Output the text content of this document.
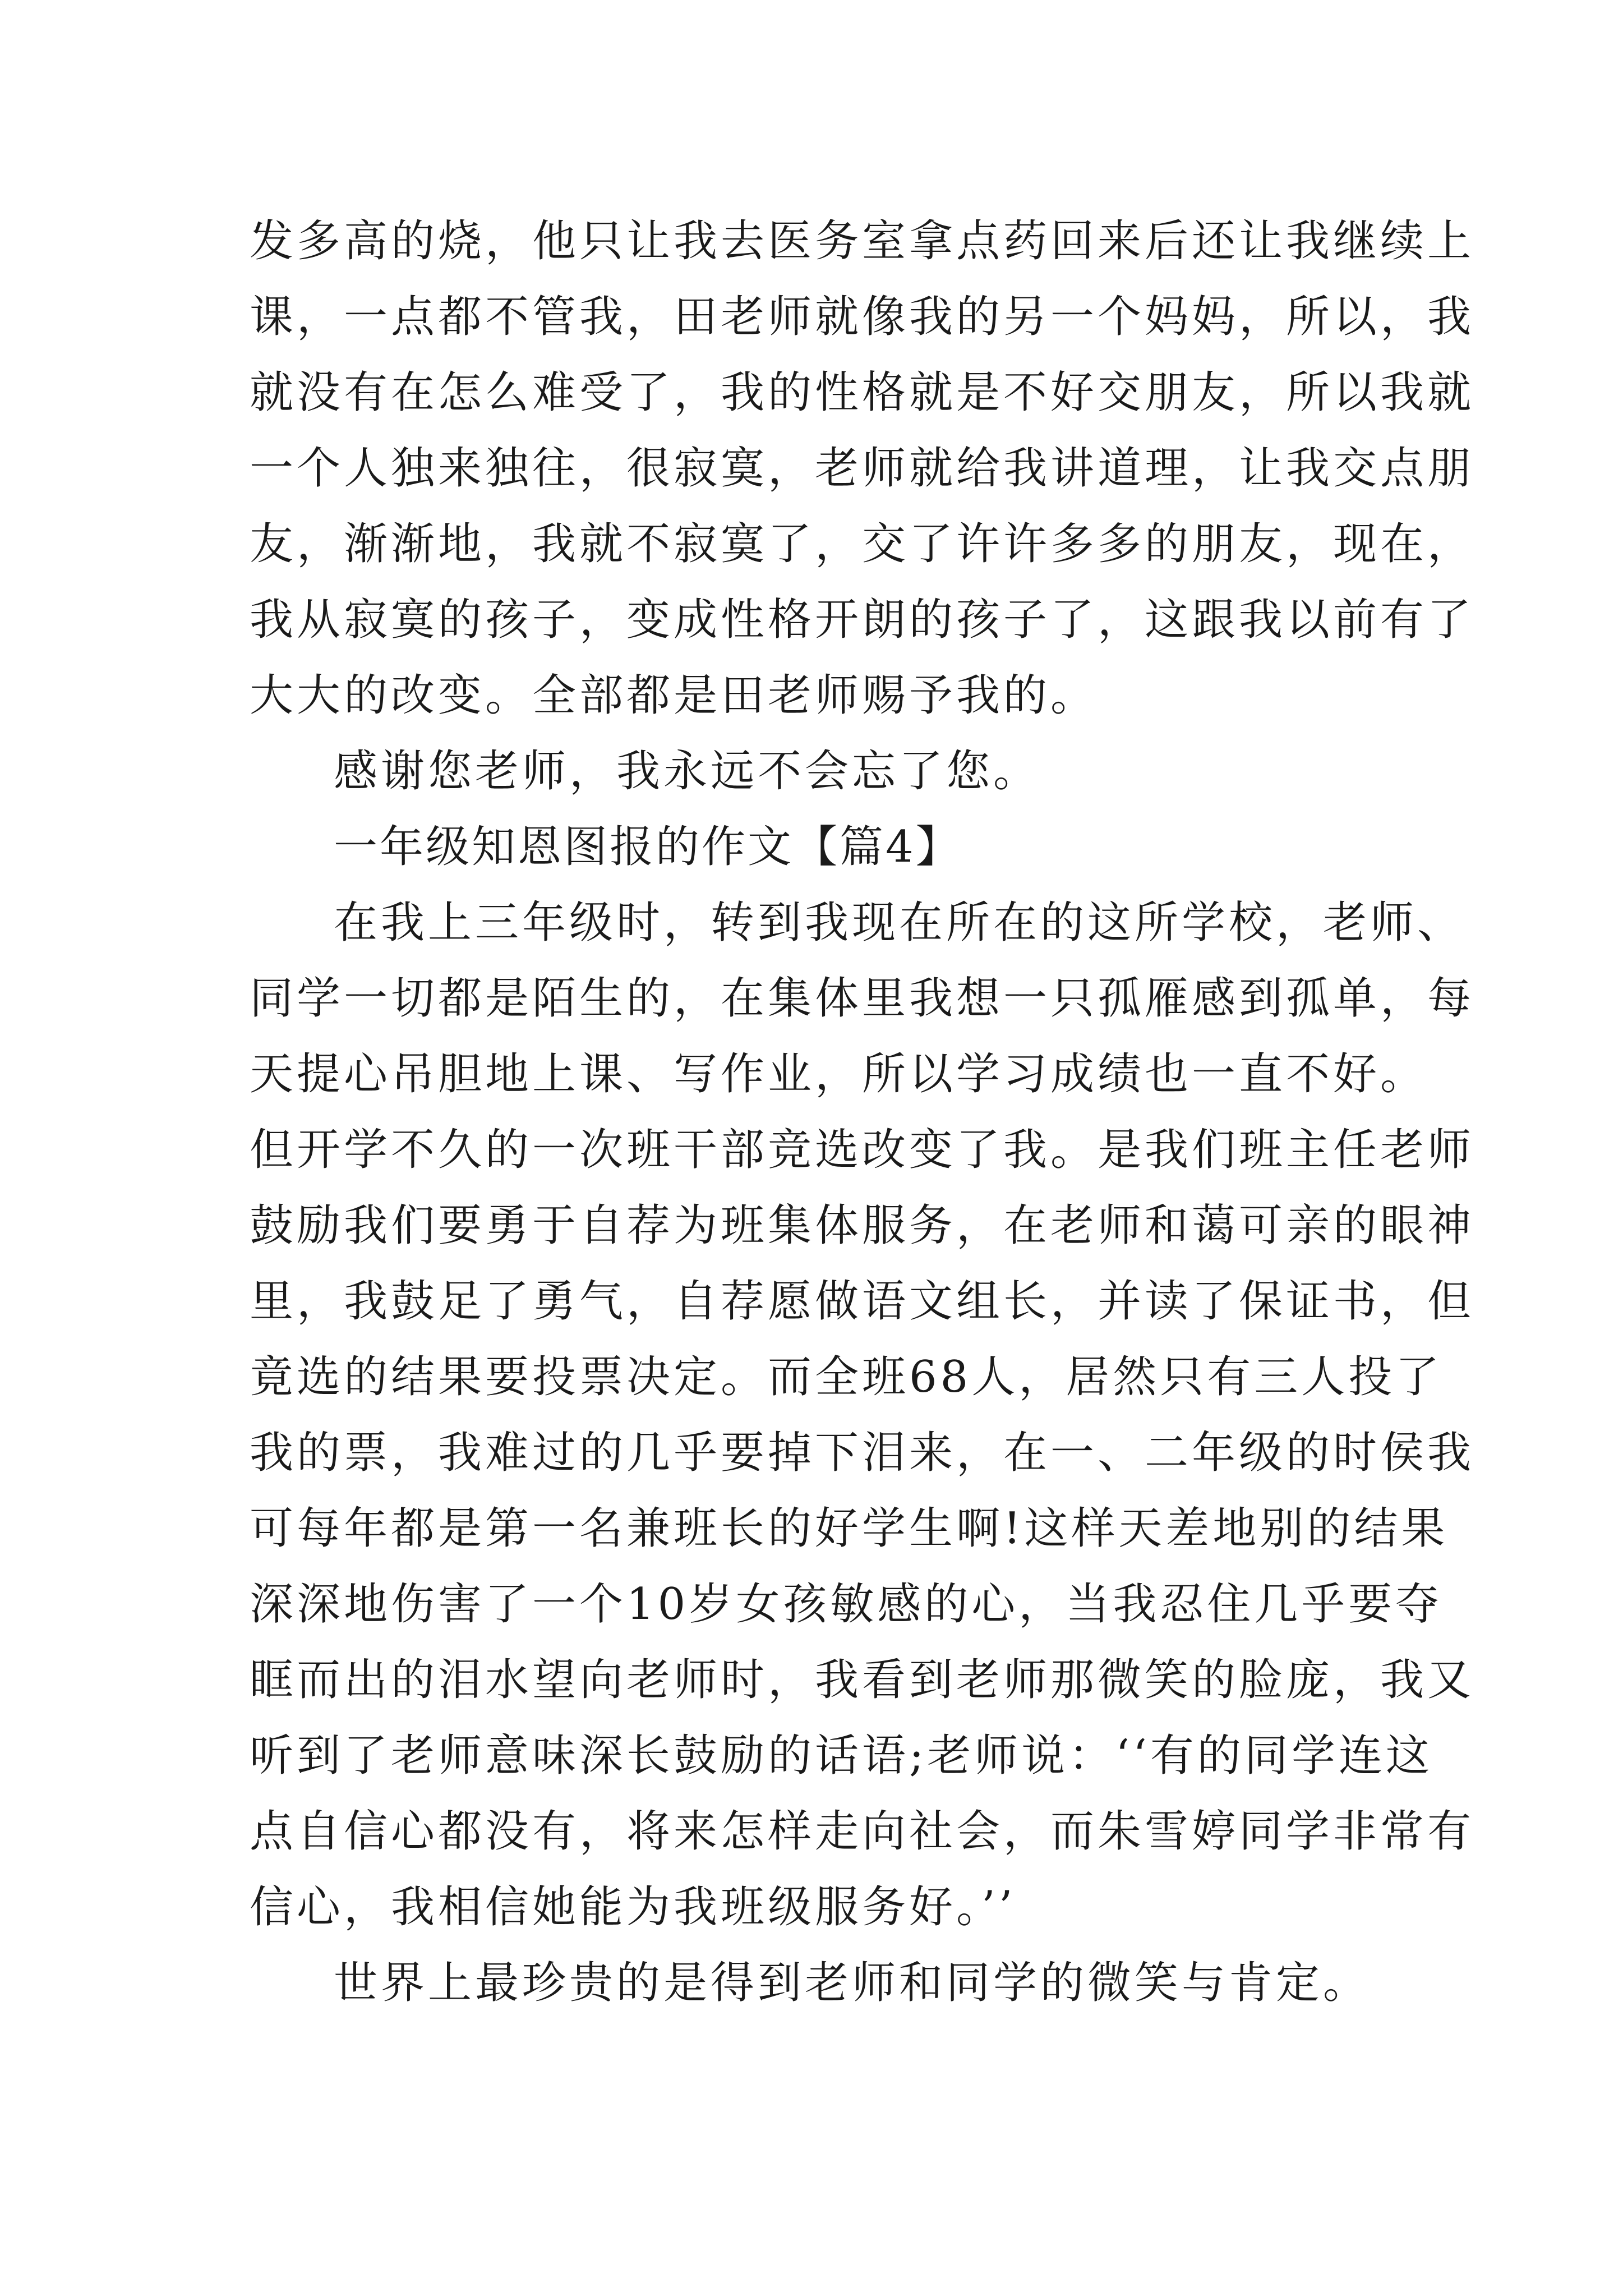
发多高的烧，他只让我去医务室拿点药回来后还让我继续上
课，一点都不管我，田老师就像我的另一个妈妈，所以，我
就没有在怎么难受了，我的性格就是不好交朋友，所以我就
一个人独来独往，很寂寞，老师就给我讲道理，让我交点朋
友，渐渐地，我就不寂寞了，交了许许多多的朋友，现在，
我从寂寞的孩子，变成性格开朗的孩子了，这跟我以前有了
大大的改变。全部都是田老师赐予我的。
感谢您老师，我永远不会忘了您。
一年级知恩图报的作文【篇4】
在我上三年级时，转到我现在所在的这所学校，老师、
同学一切都是陌生的，在集体里我想一只孤雁感到孤单，每
天提心吊胆地上课、写作业，所以学习成绩也一直不好。
但开学不久的一次班干部竞选改变了我。是我们班主任老师
鼓励我们要勇于自荐为班集体服务，在老师和蔼可亲的眼神
里，我鼓足了勇气，自荐愿做语文组长，并读了保证书，但
竟选的结果要投票决定。而全班68人，居然只有三人投了
我的票，我难过的几乎要掉下泪来，在一、二年级的时侯我
可每年都是第一名兼班长的好学生啊!这样天差地别的结果
深深地伤害了一个10岁女孩敏感的心，当我忍住几乎要夺
眶而出的泪水望向老师时，我看到老师那微笑的脸庞，我又
听到了老师意味深长鼓励的话语;老师说：‘‘有的同学连这
点自信心都没有，将来怎样走向社会，而朱雪婷同学非常有
信心，我相信她能为我班级服务好。’’
世界上最珍贵的是得到老师和同学的微笑与肯定。
